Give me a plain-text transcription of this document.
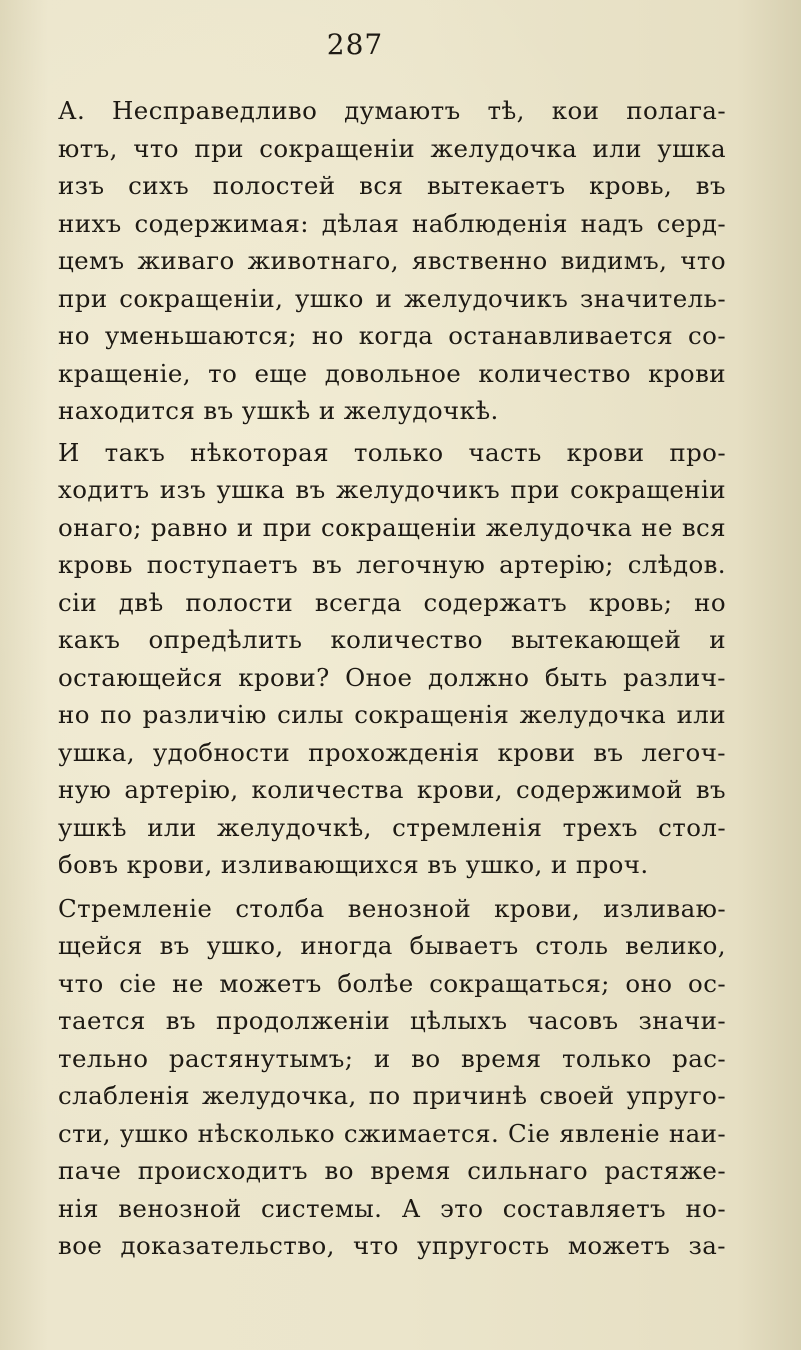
287
А. Несправедливо думаютъ тѣ, кои полага-
ютъ, что при сокращеніи желудочка или ушка
изъ сихъ полостей вся вытекаетъ кровь, въ
нихъ содержимая: дѣлая наблюденія надъ серд-
цемъ живаго животнаго, явственно видимъ, что
при сокращеніи, ушко и желудочикъ значитель-
но уменьшаются; но когда останавливается со-
кращеніе, то еще довольное количество крови
находится въ ушкѣ и желудочкѣ.
И такъ нѣкоторая только часть крови про-
ходитъ изъ ушка въ желудочикъ при сокращеніи
онаго; равно и при сокращеніи желудочка не вся
кровь поступаетъ въ легочную артерію; слѣдов.
сіи двѣ полости всегда содержатъ кровь; но
какъ опредѣлить количество вытекающей и
остающейся крови? Оное должно быть различ-
но по различію силы сокращенія желудочка или
ушка, удобности прохожденія крови въ легоч-
ную артерію, количества крови, содержимой въ
ушкѣ или желудочкѣ, стремленія трехъ стол-
бовъ крови, изливающихся въ ушко, и проч.
Стремленіе столба венозной крови, изливаю-
щейся въ ушко, иногда бываетъ столь велико,
что сіе не можетъ болѣе сокращаться; оно ос-
тается въ продолженіи цѣлыхъ часовъ значи-
тельно растянутымъ; и во время только рас-
слабленія желудочка, по причинѣ своей упруго-
сти, ушко нѣсколько сжимается. Сіе явленіе наи-
паче происходитъ во время сильнаго растяже-
нія венозной системы. А это составляетъ но-
вое доказательство, что упругость можетъ за-
